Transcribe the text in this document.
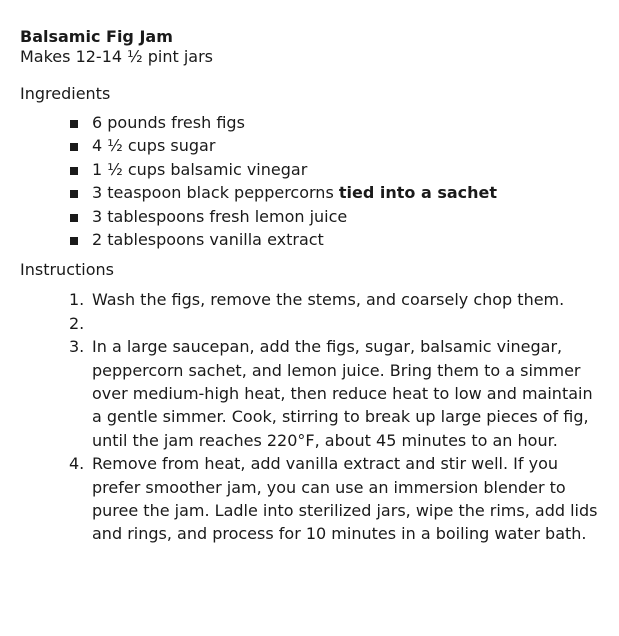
Balsamic Fig Jam

Makes 12-14 ½ pint jars

Ingredients

6 pounds fresh figs
4 ½ cups sugar
1 ½ cups balsamic vinegar
3 teaspoon black peppercorns tied into a sachet
3 tablespoons fresh lemon juice
2 tablespoons vanilla extract

Instructions

1. Wash the figs, remove the stems, and coarsely chop them.
2.
3. In a large saucepan, add the figs, sugar, balsamic vinegar, peppercorn sachet, and lemon juice. Bring them to a simmer over medium-high heat, then reduce heat to low and maintain a gentle simmer. Cook, stirring to break up large pieces of fig, until the jam reaches 220°F, about 45 minutes to an hour.
4. Remove from heat, add vanilla extract and stir well. If you prefer smoother jam, you can use an immersion blender to puree the jam. Ladle into sterilized jars, wipe the rims, add lids and rings, and process for 10 minutes in a boiling water bath.
